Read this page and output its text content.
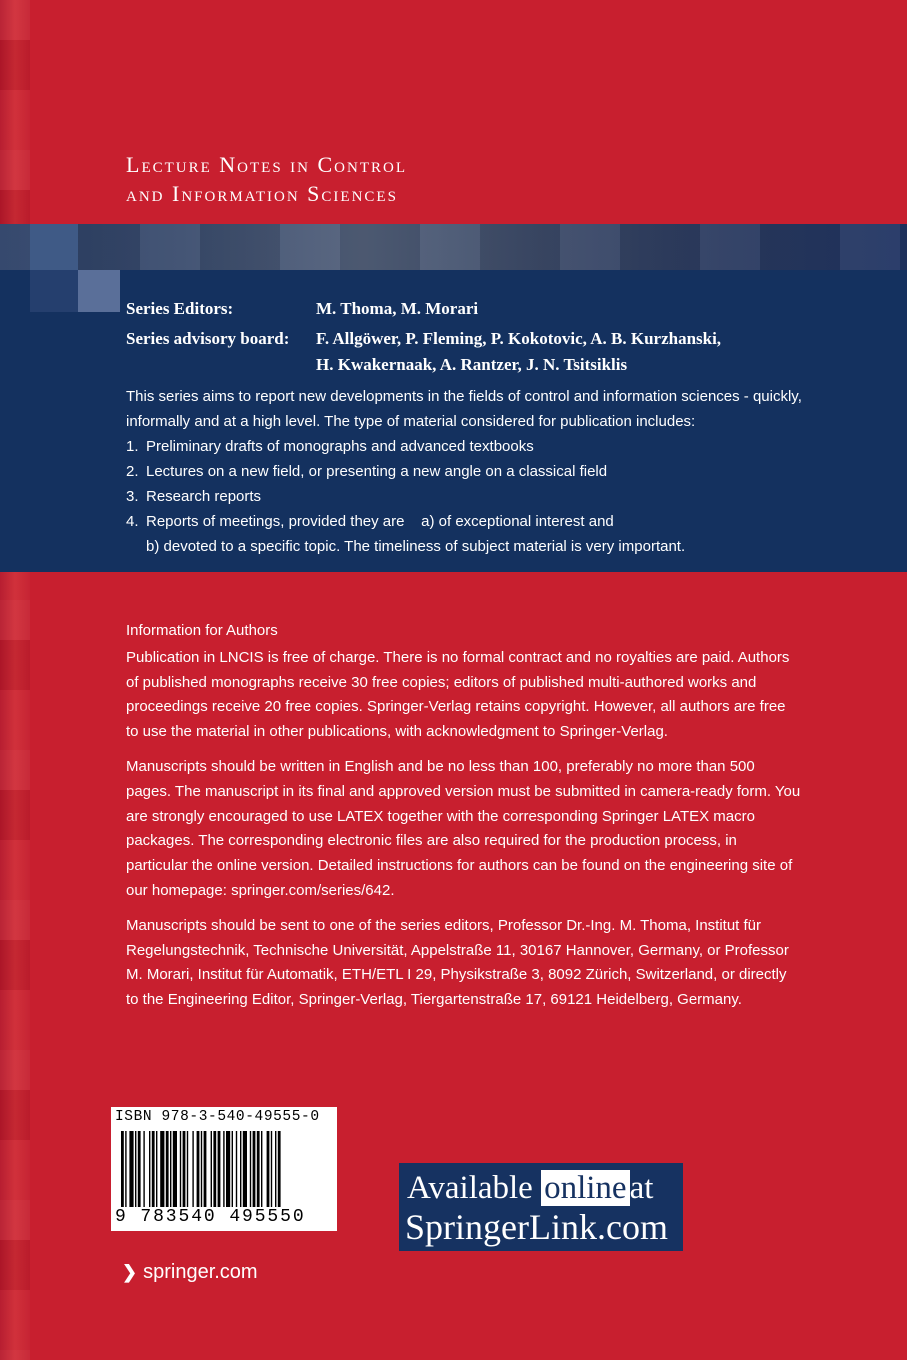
Lecture Notes in Control
and Information Sciences
Series Editors:	M. Thoma, M. Morari
Series advisory board: F. Allgöwer, P. Fleming, P. Kokotovic, A. B. Kurzhanski,
H. Kwakernaak, A. Rantzer, J. N. Tsitsiklis

This series aims to report new developments in the fields of control and information sciences - quickly, informally and at a high level. The type of material considered for publication includes:

1. Preliminary drafts of monographs and advanced textbooks
2. Lectures on a new field, or presenting a new angle on a classical field
3. Research reports
4. Reports of meetings, provided they are    a) of exceptional interest and
b) devoted to a specific topic. The timeliness of subject material is very important.

Information for Authors

Publication in LNCIS is free of charge. There is no formal contract and no royalties are paid. Authors of published monographs receive 30 free copies; editors of published multi-authored works and proceedings receive 20 free copies. Springer-Verlag retains copyright. However, all authors are free to use the material in other publications, with acknowledgment to Springer-Verlag.

Manuscripts should be written in English and be no less than 100, preferably no more than 500 pages. The manuscript in its final and approved version must be submitted in camera-ready form. You are strongly encouraged to use LATEX together with the corresponding Springer LATEX macro packages. The corresponding electronic files are also required for the production process, in particular the online version. Detailed instructions for authors can be found on the engineering site of our homepage: springer.com/series/642.

Manuscripts should be sent to one of the series editors, Professor Dr.-Ing. M. Thoma, Institut für Regelungstechnik, Technische Universität, Appelstraße 11, 30167 Hannover, Germany, or Professor M. Morari, Institut für Automatik, ETH/ETL I 29, Physikstraße 3, 8092 Zürich, Switzerland, or directly to the Engineering Editor, Springer-Verlag, Tiergartenstraße 17, 69121 Heidelberg, Germany.

ISBN 978-3-540-49555-0

9 783540 495550

Available onlineat
SpringerLink.com
❯ springer.com
